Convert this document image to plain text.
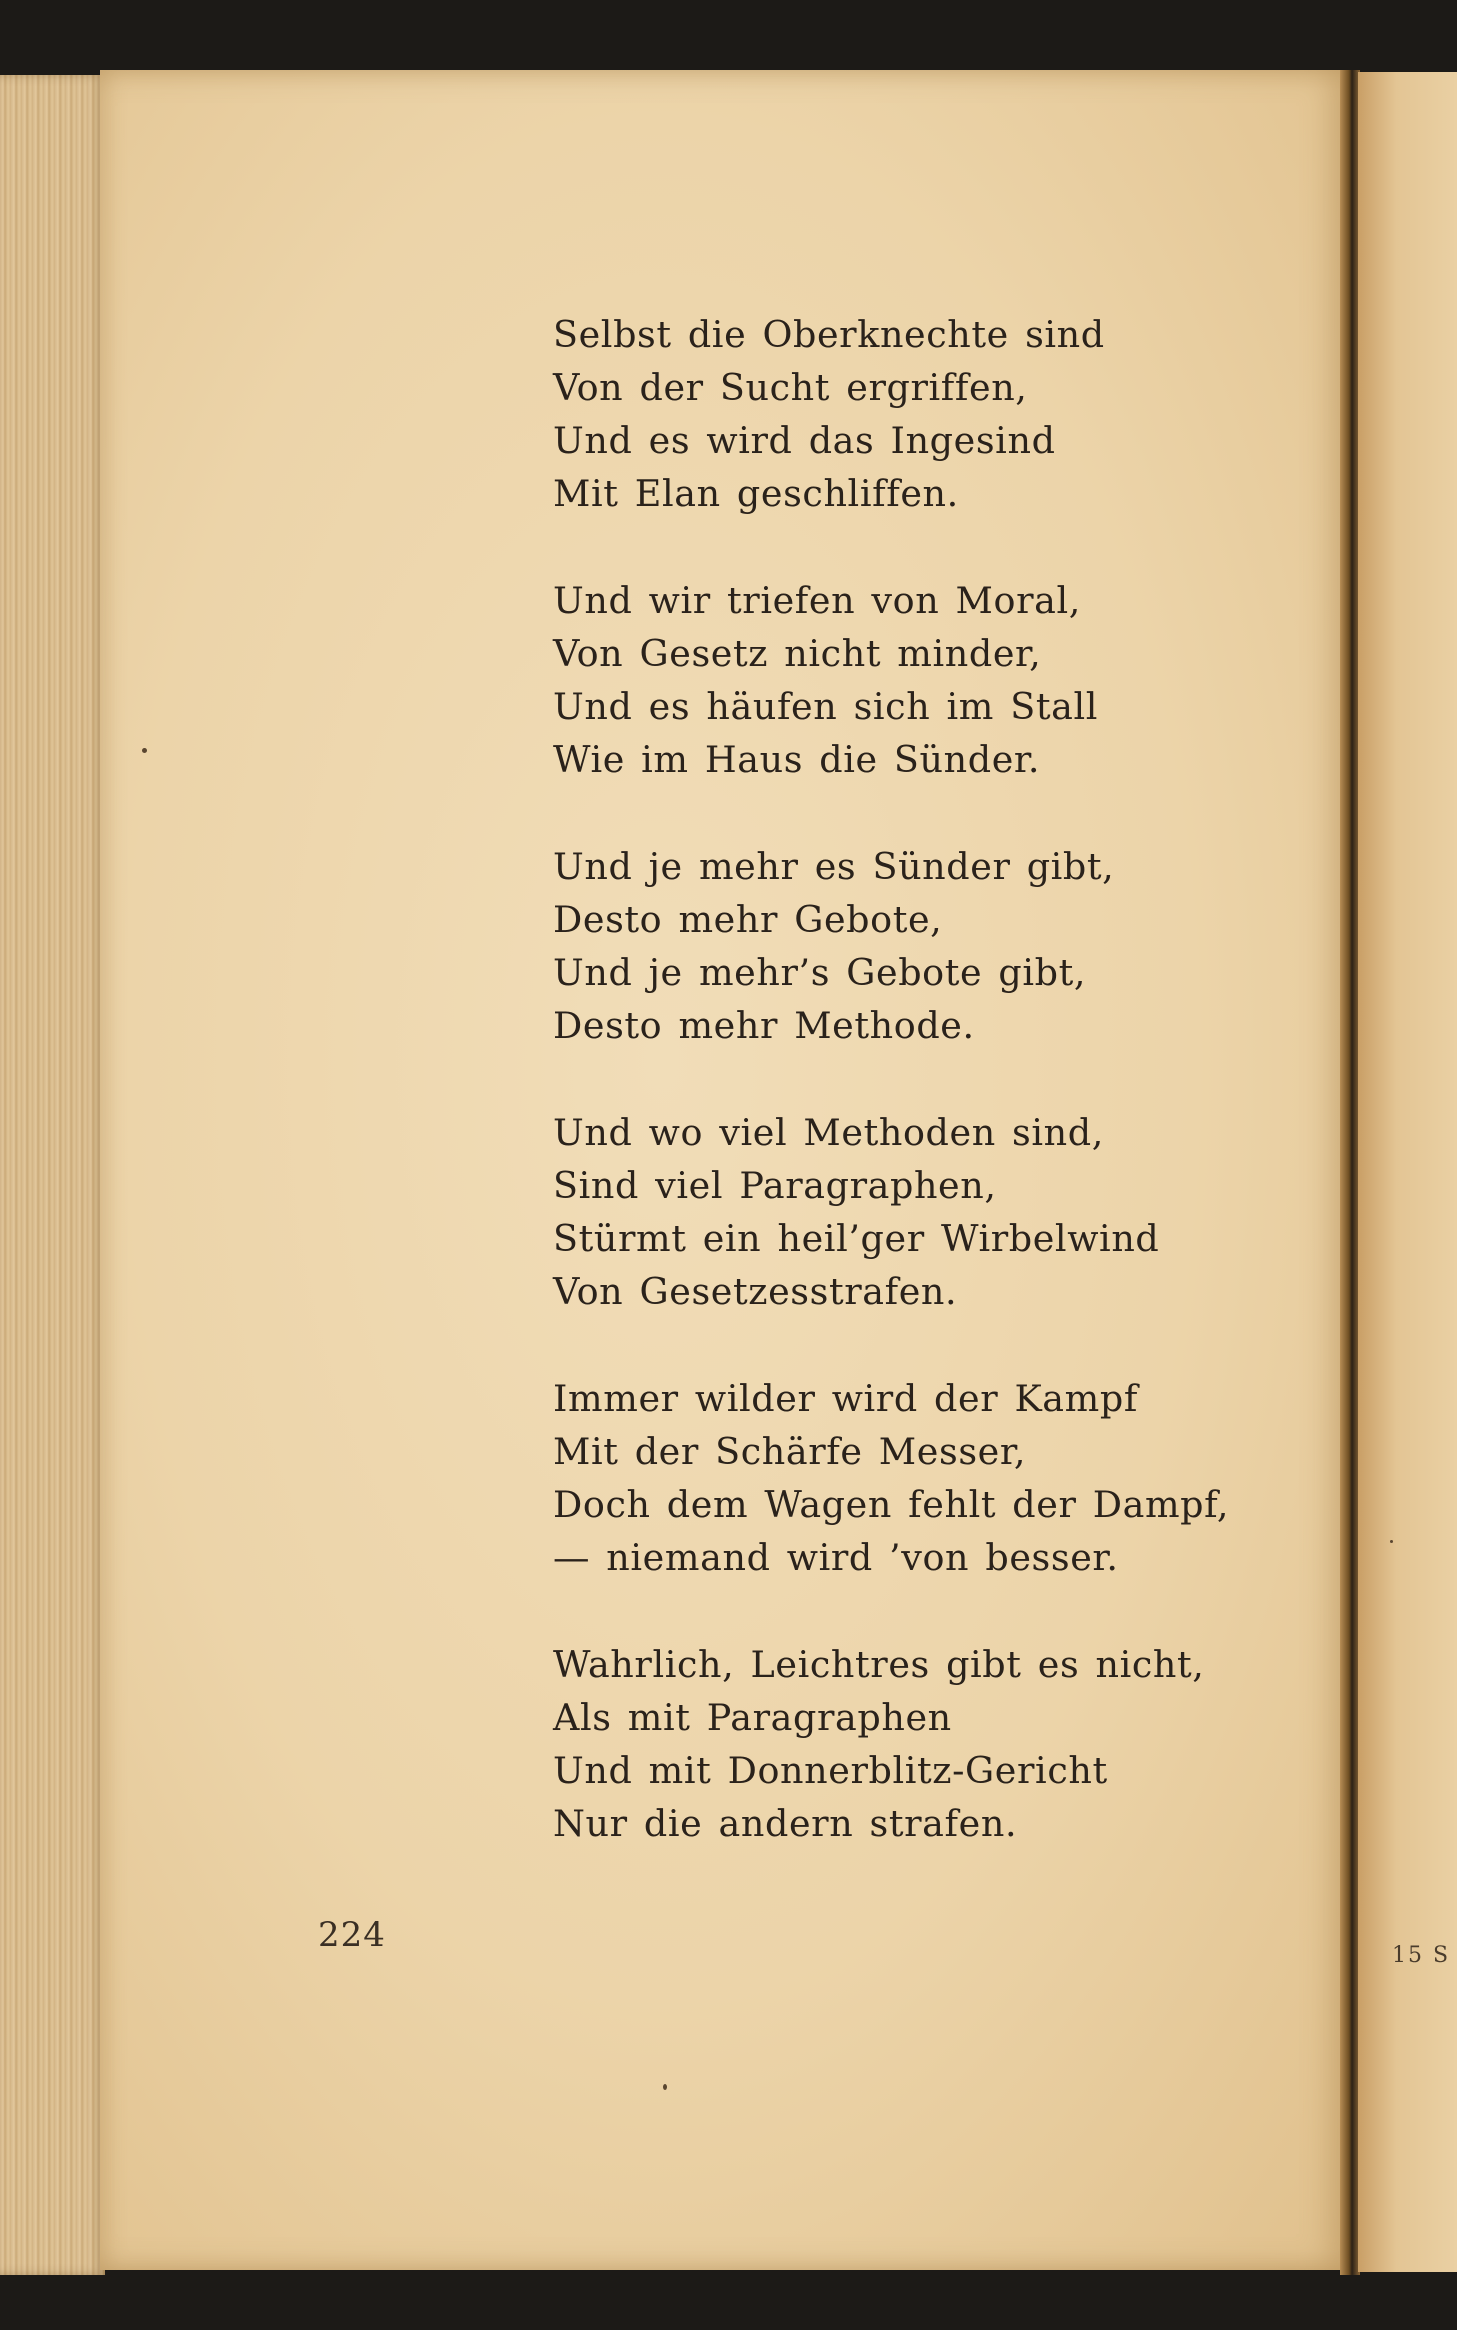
Selbst die Oberknechte sind
Von der Sucht ergriffen,
Und es wird das Ingesind
Mit Elan geschliffen.
Und wir triefen von Moral,
Von Gesetz nicht minder,
Und es häufen sich im Stall
Wie im Haus die Sünder.
Und je mehr es Sünder gibt,
Desto mehr Gebote,
Und je mehr’s Gebote gibt,
Desto mehr Methode.
Und wo viel Methoden sind,
Sind viel Paragraphen,
Stürmt ein heil’ger Wirbelwind
Von Gesetzesstrafen.
Immer wilder wird der Kampf
Mit der Schärfe Messer,
Doch dem Wagen fehlt der Dampf,
— niemand wird ’von besser.
Wahrlich, Leichtres gibt es nicht,
Als mit Paragraphen
Und mit Donnerblitz-Gericht
Nur die andern strafen.
224
15 S
